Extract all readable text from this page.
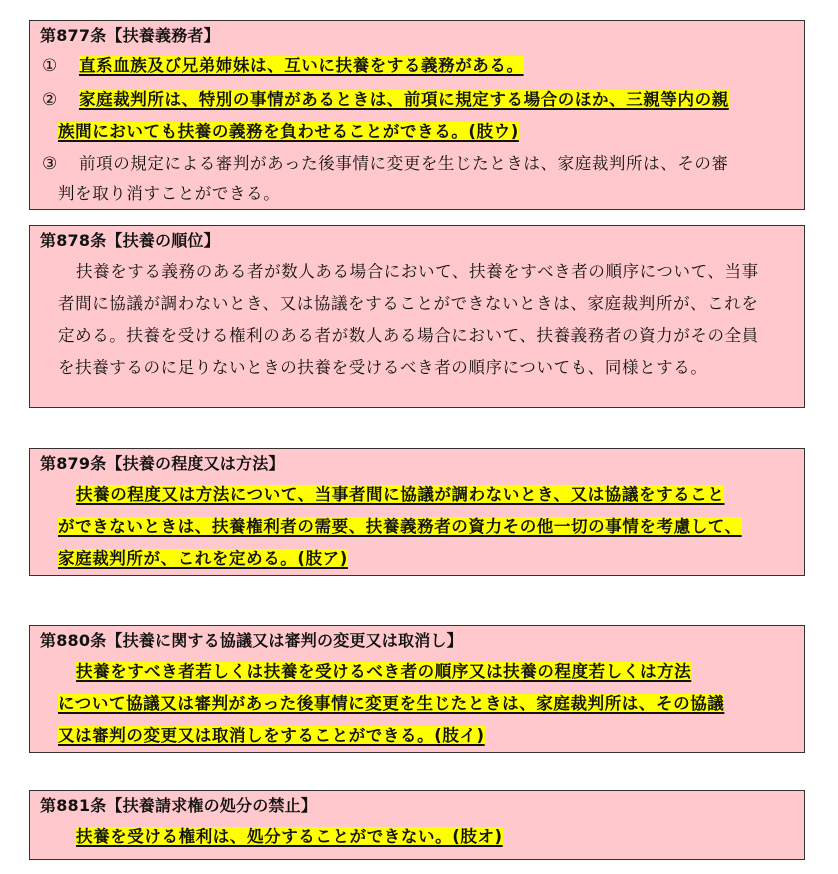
第877条【扶養義務者】
① 直系血族及び兄弟姉妹は、互いに扶養をする義務がある。
② 家庭裁判所は、特別の事情があるときは、前項に規定する場合のほか、三親等内の親
族間においても扶養の義務を負わせることができる。(肢ウ)
③ 前項の規定による審判があった後事情に変更を生じたときは、家庭裁判所は、その審
判を取り消すことができる。
第878条【扶養の順位】
扶養をする義務のある者が数人ある場合において、扶養をすべき者の順序について、当事
者間に協議が調わないとき、又は協議をすることができないときは、家庭裁判所が、これを
定める。扶養を受ける権利のある者が数人ある場合において、扶養義務者の資力がその全員
を扶養するのに足りないときの扶養を受けるべき者の順序についても、同様とする。
第879条【扶養の程度又は方法】
扶養の程度又は方法について、当事者間に協議が調わないとき、又は協議をすること
ができないときは、扶養権利者の需要、扶養義務者の資力その他一切の事情を考慮して、
家庭裁判所が、これを定める。(肢ア)
第880条【扶養に関する協議又は審判の変更又は取消し】
扶養をすべき者若しくは扶養を受けるべき者の順序又は扶養の程度若しくは方法
について協議又は審判があった後事情に変更を生じたときは、家庭裁判所は、その協議
又は審判の変更又は取消しをすることができる。(肢イ)
第881条【扶養請求権の処分の禁止】
扶養を受ける権利は、処分することができない。(肢オ)
